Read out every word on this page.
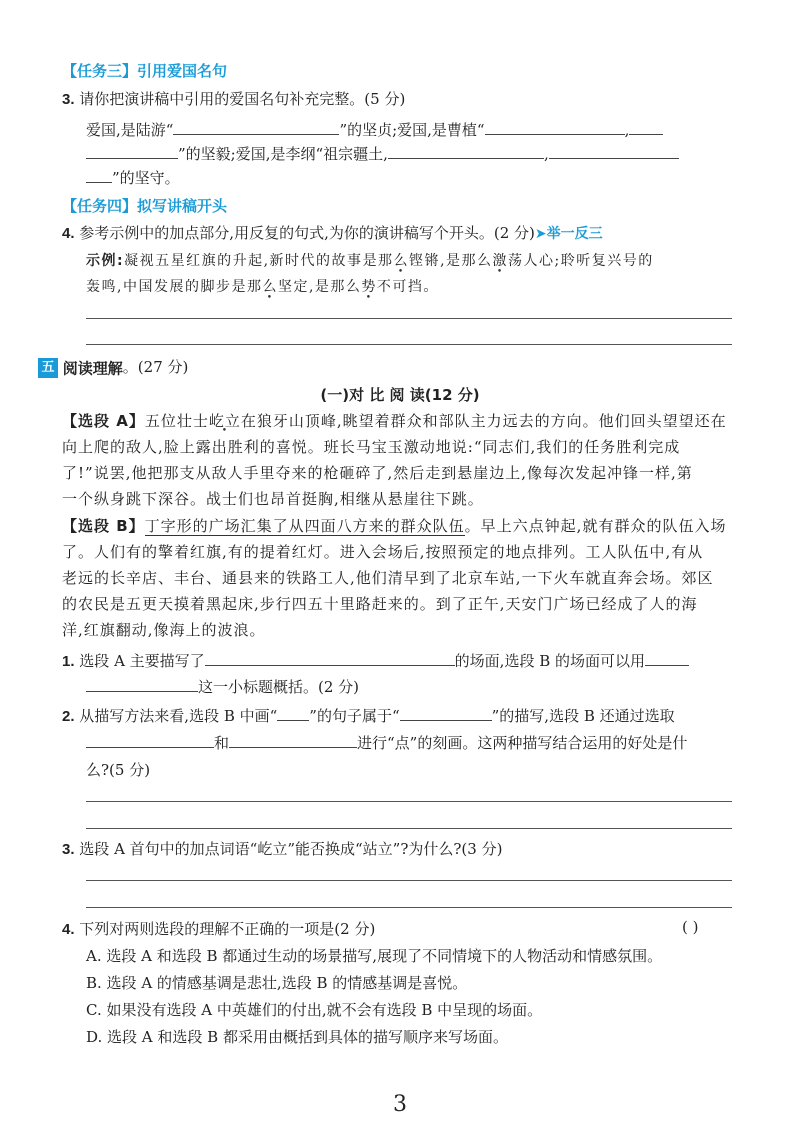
【任务三】引用爱国名句
3. 请你把演讲稿中引用的爱国名句补充完整。(5 分)
爱国,是陆游“	”的坚贞;爱国,是曹植“	,
”的坚毅;爱国,是李纲“祖宗疆土,	,
”的坚守。
【任务四】拟写讲稿开头
4. 参考示例中的加点部分,用反复的句式,为你的演讲稿写个开头。(2 分)➤举一反三
示例:凝视五星红旗的升起,新时代的故事是那么铿锵 •,是那么激荡人心 •;聆听复兴号的
轰鸣,中国发展的脚步是那么坚定 •,是那么势不可挡 •。
五 阅读理解。(27 分)
(一)对 比 阅 读(12 分)
【选段 A】五位壮士屹立在狼牙山顶峰,眺望着群众和部队主力远去的方向。他们回头望望还在
向上爬的敌人,脸上露出胜利的喜悦。班长马宝玉激动地说:“同志们,我们的任务胜利完成
了!”说罢,他把那支从敌人手里夺来的枪砸碎了,然后走到悬崖边上,像每次发起冲锋一样,第
一个纵身跳下深谷。战士们也昂首挺胸,相继从悬崖往下跳。
【选段 B】丁字形的广场汇集了从四面八方来的群众队伍。早上六点钟起,就有群众的队伍入场
了。人们有的擎着红旗,有的提着红灯。进入会场后,按照预定的地点排列。工人队伍中,有从
老远的长辛店、丰台、通县来的铁路工人,他们清早到了北京车站,一下火车就直奔会场。郊区
的农民是五更天摸着黑起床,步行四五十里路赶来的。到了正午,天安门广场已经成了人的海
洋,红旗翻动,像海上的波浪。
1. 选段 A 主要描写了	的场面,选段 B 的场面可以用
这一小标题概括。(2 分)
2. 从描写方法来看,选段 B 中画“ ”的句子属于“	”的描写,选段 B 还通过选取
和	进行“点”的刻画。这两种描写结合运用的好处是什
么?(5 分)
3. 选段 A 首句中的加点词语“屹立”能否换成“站立”?为什么?(3 分)
4. 下列对两则选段的理解不正确的一项是(2 分)	( )
A. 选段 A 和选段 B 都通过生动的场景描写,展现了不同情境下的人物活动和情感氛围。
B. 选段 A 的情感基调是悲壮,选段 B 的情感基调是喜悦。
C. 如果没有选段 A 中英雄们的付出,就不会有选段 B 中呈现的场面。
D. 选段 A 和选段 B 都采用由概括到具体的描写顺序来写场面。
3
